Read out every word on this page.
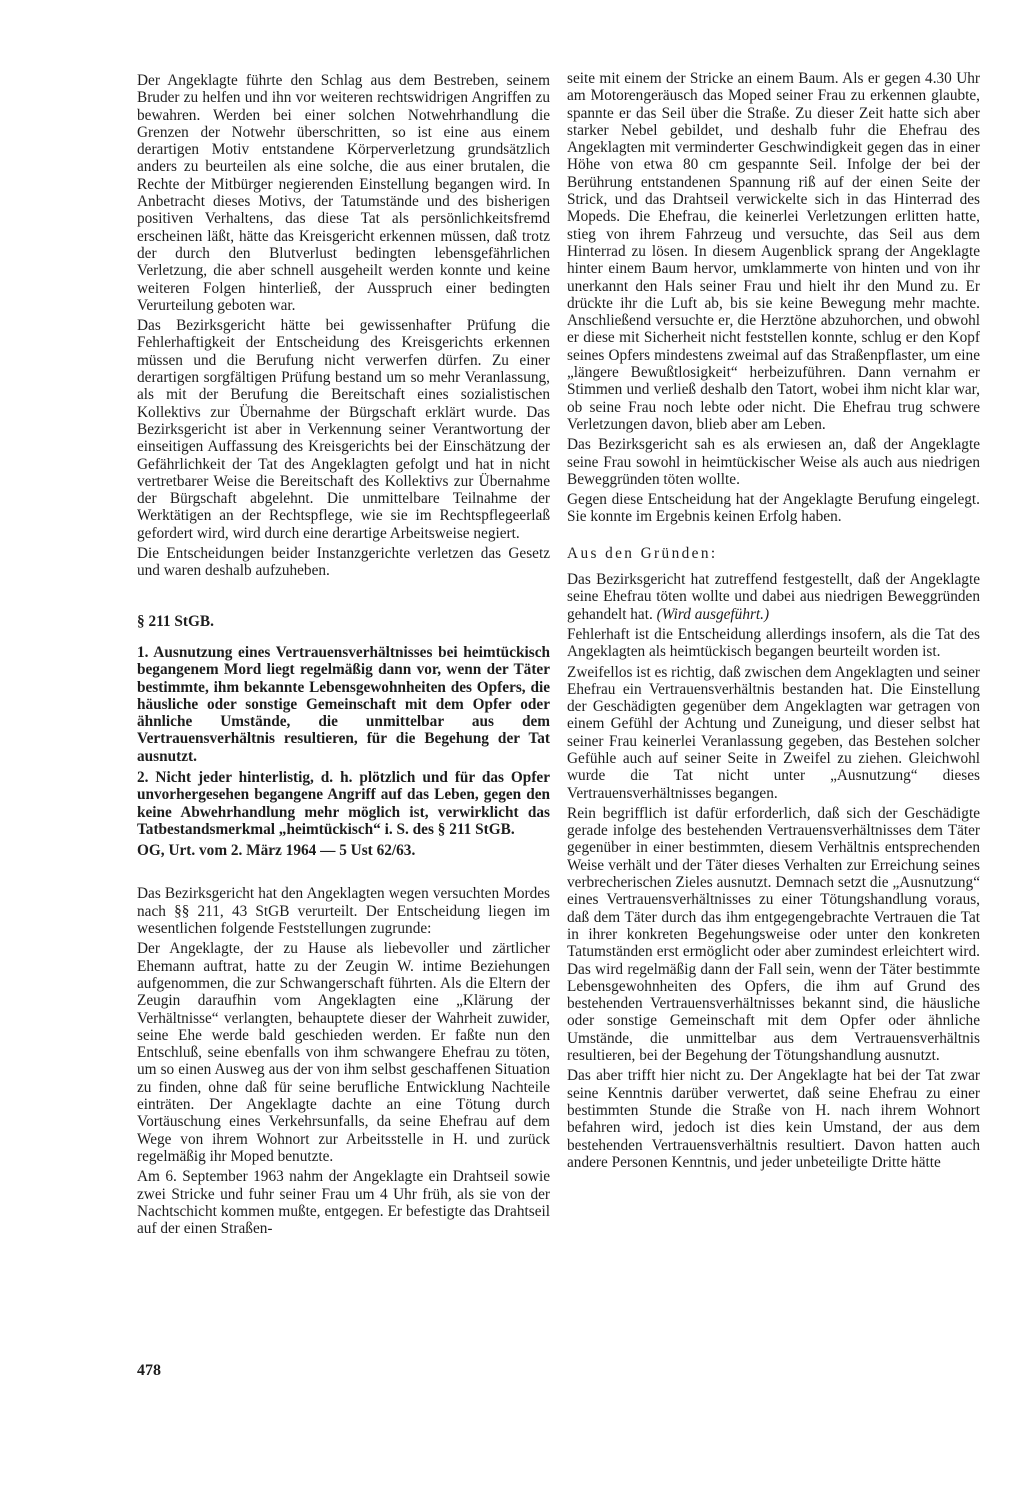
Der Angeklagte führte den Schlag aus dem Bestreben, seinem Bruder zu helfen und ihn vor weiteren rechtswidrigen Angriffen zu bewahren. Werden bei einer solchen Notwehrhandlung die Grenzen der Notwehr überschritten, so ist eine aus einem derartigen Motiv entstandene Körperverletzung grundsätzlich anders zu beurteilen als eine solche, die aus einer brutalen, die Rechte der Mitbürger negierenden Einstellung begangen wird. In Anbetracht dieses Motivs, der Tatumstände und des bisherigen positiven Verhaltens, das diese Tat als persönlichkeitsfremd erscheinen läßt, hätte das Kreisgericht erkennen müssen, daß trotz der durch den Blutverlust bedingten lebensgefährlichen Verletzung, die aber schnell ausgeheilt werden konnte und keine weiteren Folgen hinterließ, der Ausspruch einer bedingten Verurteilung geboten war.

Das Bezirksgericht hätte bei gewissenhafter Prüfung die Fehlerhaftigkeit der Entscheidung des Kreisgerichts erkennen müssen und die Berufung nicht verwerfen dürfen. Zu einer derartigen sorgfältigen Prüfung bestand um so mehr Veranlassung, als mit der Berufung die Bereitschaft eines sozialistischen Kollektivs zur Übernahme der Bürgschaft erklärt wurde. Das Bezirksgericht ist aber in Verkennung seiner Verantwortung der einseitigen Auffassung des Kreisgerichts bei der Einschätzung der Gefährlichkeit der Tat des Angeklagten gefolgt und hat in nicht vertretbarer Weise die Bereitschaft des Kollektivs zur Übernahme der Bürgschaft abgelehnt. Die unmittelbare Teilnahme der Werktätigen an der Rechtspflege, wie sie im Rechtspflegeerlaß gefordert wird, wird durch eine derartige Arbeitsweise negiert.

Die Entscheidungen beider Instanzgerichte verletzen das Gesetz und waren deshalb aufzuheben.

§ 211 StGB.

1. Ausnutzung eines Vertrauensverhältnisses bei heimtückisch begangenem Mord liegt regelmäßig dann vor, wenn der Täter bestimmte, ihm bekannte Lebensgewohnheiten des Opfers, die häusliche oder sonstige Gemeinschaft mit dem Opfer oder ähnliche Umstände, die unmittelbar aus dem Vertrauensverhältnis resultieren, für die Begehung der Tat ausnutzt.

2. Nicht jeder hinterlistig, d. h. plötzlich und für das Opfer unvorhergesehen begangene Angriff auf das Leben, gegen den keine Abwehrhandlung mehr möglich ist, verwirklicht das Tatbestandsmerkmal „heimtückisch“ i. S. des § 211 StGB.

OG, Urt. vom 2. März 1964 — 5 Ust 62/63.

Das Bezirksgericht hat den Angeklagten wegen versuchten Mordes nach §§ 211, 43 StGB verurteilt. Der Entscheidung liegen im wesentlichen folgende Feststellungen zugrunde:

Der Angeklagte, der zu Hause als liebevoller und zärtlicher Ehemann auftrat, hatte zu der Zeugin W. intime Beziehungen aufgenommen, die zur Schwangerschaft führten. Als die Eltern der Zeugin daraufhin vom Angeklagten eine „Klärung der Verhältnisse“ verlangten, behauptete dieser der Wahrheit zuwider, seine Ehe werde bald geschieden werden. Er faßte nun den Entschluß, seine ebenfalls von ihm schwangere Ehefrau zu töten, um so einen Ausweg aus der von ihm selbst geschaffenen Situation zu finden, ohne daß für seine berufliche Entwicklung Nachteile einträten. Der Angeklagte dachte an eine Tötung durch Vortäuschung eines Verkehrsunfalls, da seine Ehefrau auf dem Wege von ihrem Wohnort zur Arbeitsstelle in H. und zurück regelmäßig ihr Moped benutzte.

Am 6. September 1963 nahm der Angeklagte ein Drahtseil sowie zwei Stricke und fuhr seiner Frau um 4 Uhr früh, als sie von der Nachtschicht kommen mußte, entgegen. Er befestigte das Drahtseil auf der einen Straßen-

seite mit einem der Stricke an einem Baum. Als er gegen 4.30 Uhr am Motorengeräusch das Moped seiner Frau zu erkennen glaubte, spannte er das Seil über die Straße. Zu dieser Zeit hatte sich aber starker Nebel gebildet, und deshalb fuhr die Ehefrau des Angeklagten mit verminderter Geschwindigkeit gegen das in einer Höhe von etwa 80 cm gespannte Seil. Infolge der bei der Berührung entstandenen Spannung riß auf der einen Seite der Strick, und das Drahtseil verwickelte sich in das Hinterrad des Mopeds. Die Ehefrau, die keinerlei Verletzungen erlitten hatte, stieg von ihrem Fahrzeug und versuchte, das Seil aus dem Hinterrad zu lösen. In diesem Augenblick sprang der Angeklagte hinter einem Baum hervor, umklammerte von hinten und von ihr unerkannt den Hals seiner Frau und hielt ihr den Mund zu. Er drückte ihr die Luft ab, bis sie keine Bewegung mehr machte. Anschließend versuchte er, die Herztöne abzuhorchen, und obwohl er diese mit Sicherheit nicht feststellen konnte, schlug er den Kopf seines Opfers mindestens zweimal auf das Straßenpflaster, um eine „längere Bewußtlosigkeit“ herbeizuführen. Dann vernahm er Stimmen und verließ deshalb den Tatort, wobei ihm nicht klar war, ob seine Frau noch lebte oder nicht. Die Ehefrau trug schwere Verletzungen davon, blieb aber am Leben.

Das Bezirksgericht sah es als erwiesen an, daß der Angeklagte seine Frau sowohl in heimtückischer Weise als auch aus niedrigen Beweggründen töten wollte.

Gegen diese Entscheidung hat der Angeklagte Berufung eingelegt. Sie konnte im Ergebnis keinen Erfolg haben.

Aus den Gründen:

Das Bezirksgericht hat zutreffend festgestellt, daß der Angeklagte seine Ehefrau töten wollte und dabei aus niedrigen Beweggründen gehandelt hat. (Wird ausgeführt.)

Fehlerhaft ist die Entscheidung allerdings insofern, als die Tat des Angeklagten als heimtückisch begangen beurteilt worden ist.

Zweifellos ist es richtig, daß zwischen dem Angeklagten und seiner Ehefrau ein Vertrauensverhältnis bestanden hat. Die Einstellung der Geschädigten gegenüber dem Angeklagten war getragen von einem Gefühl der Achtung und Zuneigung, und dieser selbst hat seiner Frau keinerlei Veranlassung gegeben, das Bestehen solcher Gefühle auch auf seiner Seite in Zweifel zu ziehen. Gleichwohl wurde die Tat nicht unter „Ausnutzung“ dieses Vertrauensverhältnisses begangen.

Rein begrifflich ist dafür erforderlich, daß sich der Geschädigte gerade infolge des bestehenden Vertrauensverhältnisses dem Täter gegenüber in einer bestimmten, diesem Verhältnis entsprechenden Weise verhält und der Täter dieses Verhalten zur Erreichung seines verbrecherischen Zieles ausnutzt. Demnach setzt die „Ausnutzung“ eines Vertrauensverhältnisses zu einer Tötungshandlung voraus, daß dem Täter durch das ihm entgegengebrachte Vertrauen die Tat in ihrer konkreten Begehungsweise oder unter den konkreten Tatumständen erst ermöglicht oder aber zumindest erleichtert wird. Das wird regelmäßig dann der Fall sein, wenn der Täter bestimmte Lebensgewohnheiten des Opfers, die ihm auf Grund des bestehenden Vertrauensverhältnisses bekannt sind, die häusliche oder sonstige Gemeinschaft mit dem Opfer oder ähnliche Umstände, die unmittelbar aus dem Vertrauensverhältnis resultieren, bei der Begehung der Tötungshandlung ausnutzt.

Das aber trifft hier nicht zu. Der Angeklagte hat bei der Tat zwar seine Kenntnis darüber verwertet, daß seine Ehefrau zu einer bestimmten Stunde die Straße von H. nach ihrem Wohnort befahren wird, jedoch ist dies kein Umstand, der aus dem bestehenden Vertrauensverhältnis resultiert. Davon hatten auch andere Personen Kenntnis, und jeder unbeteiligte Dritte hätte

478
